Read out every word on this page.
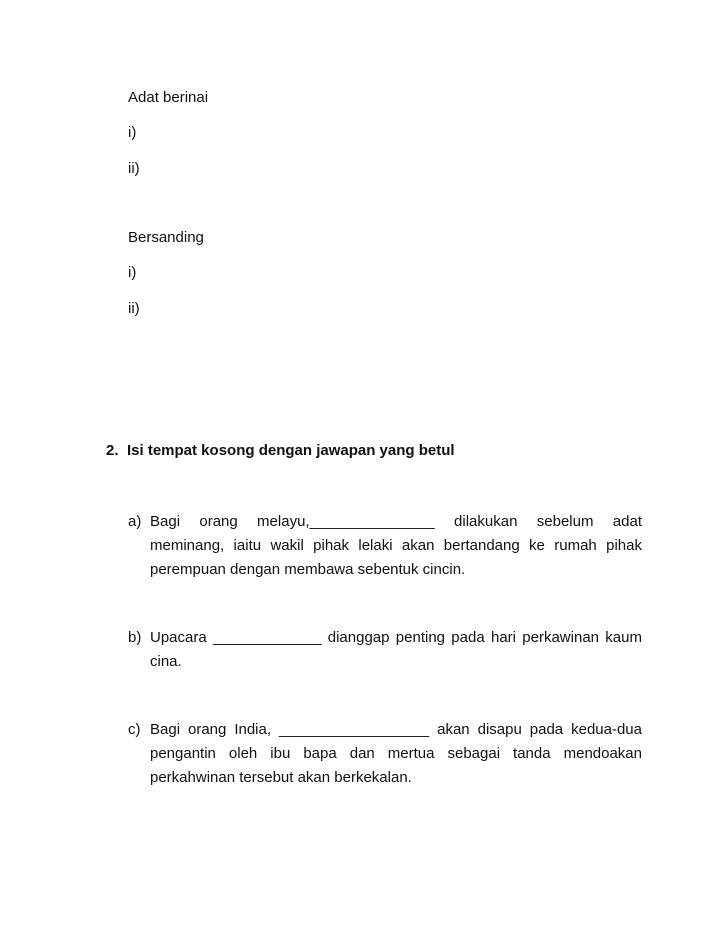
Adat berinai
i)
ii)
Bersanding
i)
ii)
2. Isi tempat kosong dengan jawapan yang betul
a) Bagi orang melayu,_______________ dilakukan sebelum adat
meminang, iaitu wakil pihak lelaki akan bertandang ke rumah pihak
perempuan dengan membawa sebentuk cincin.
b) Upacara _____________ dianggap penting pada hari perkawinan kaum
cina.
c) Bagi orang India, __________________ akan disapu pada kedua-dua
pengantin oleh ibu bapa dan mertua sebagai tanda mendoakan
perkahwinan tersebut akan berkekalan.
